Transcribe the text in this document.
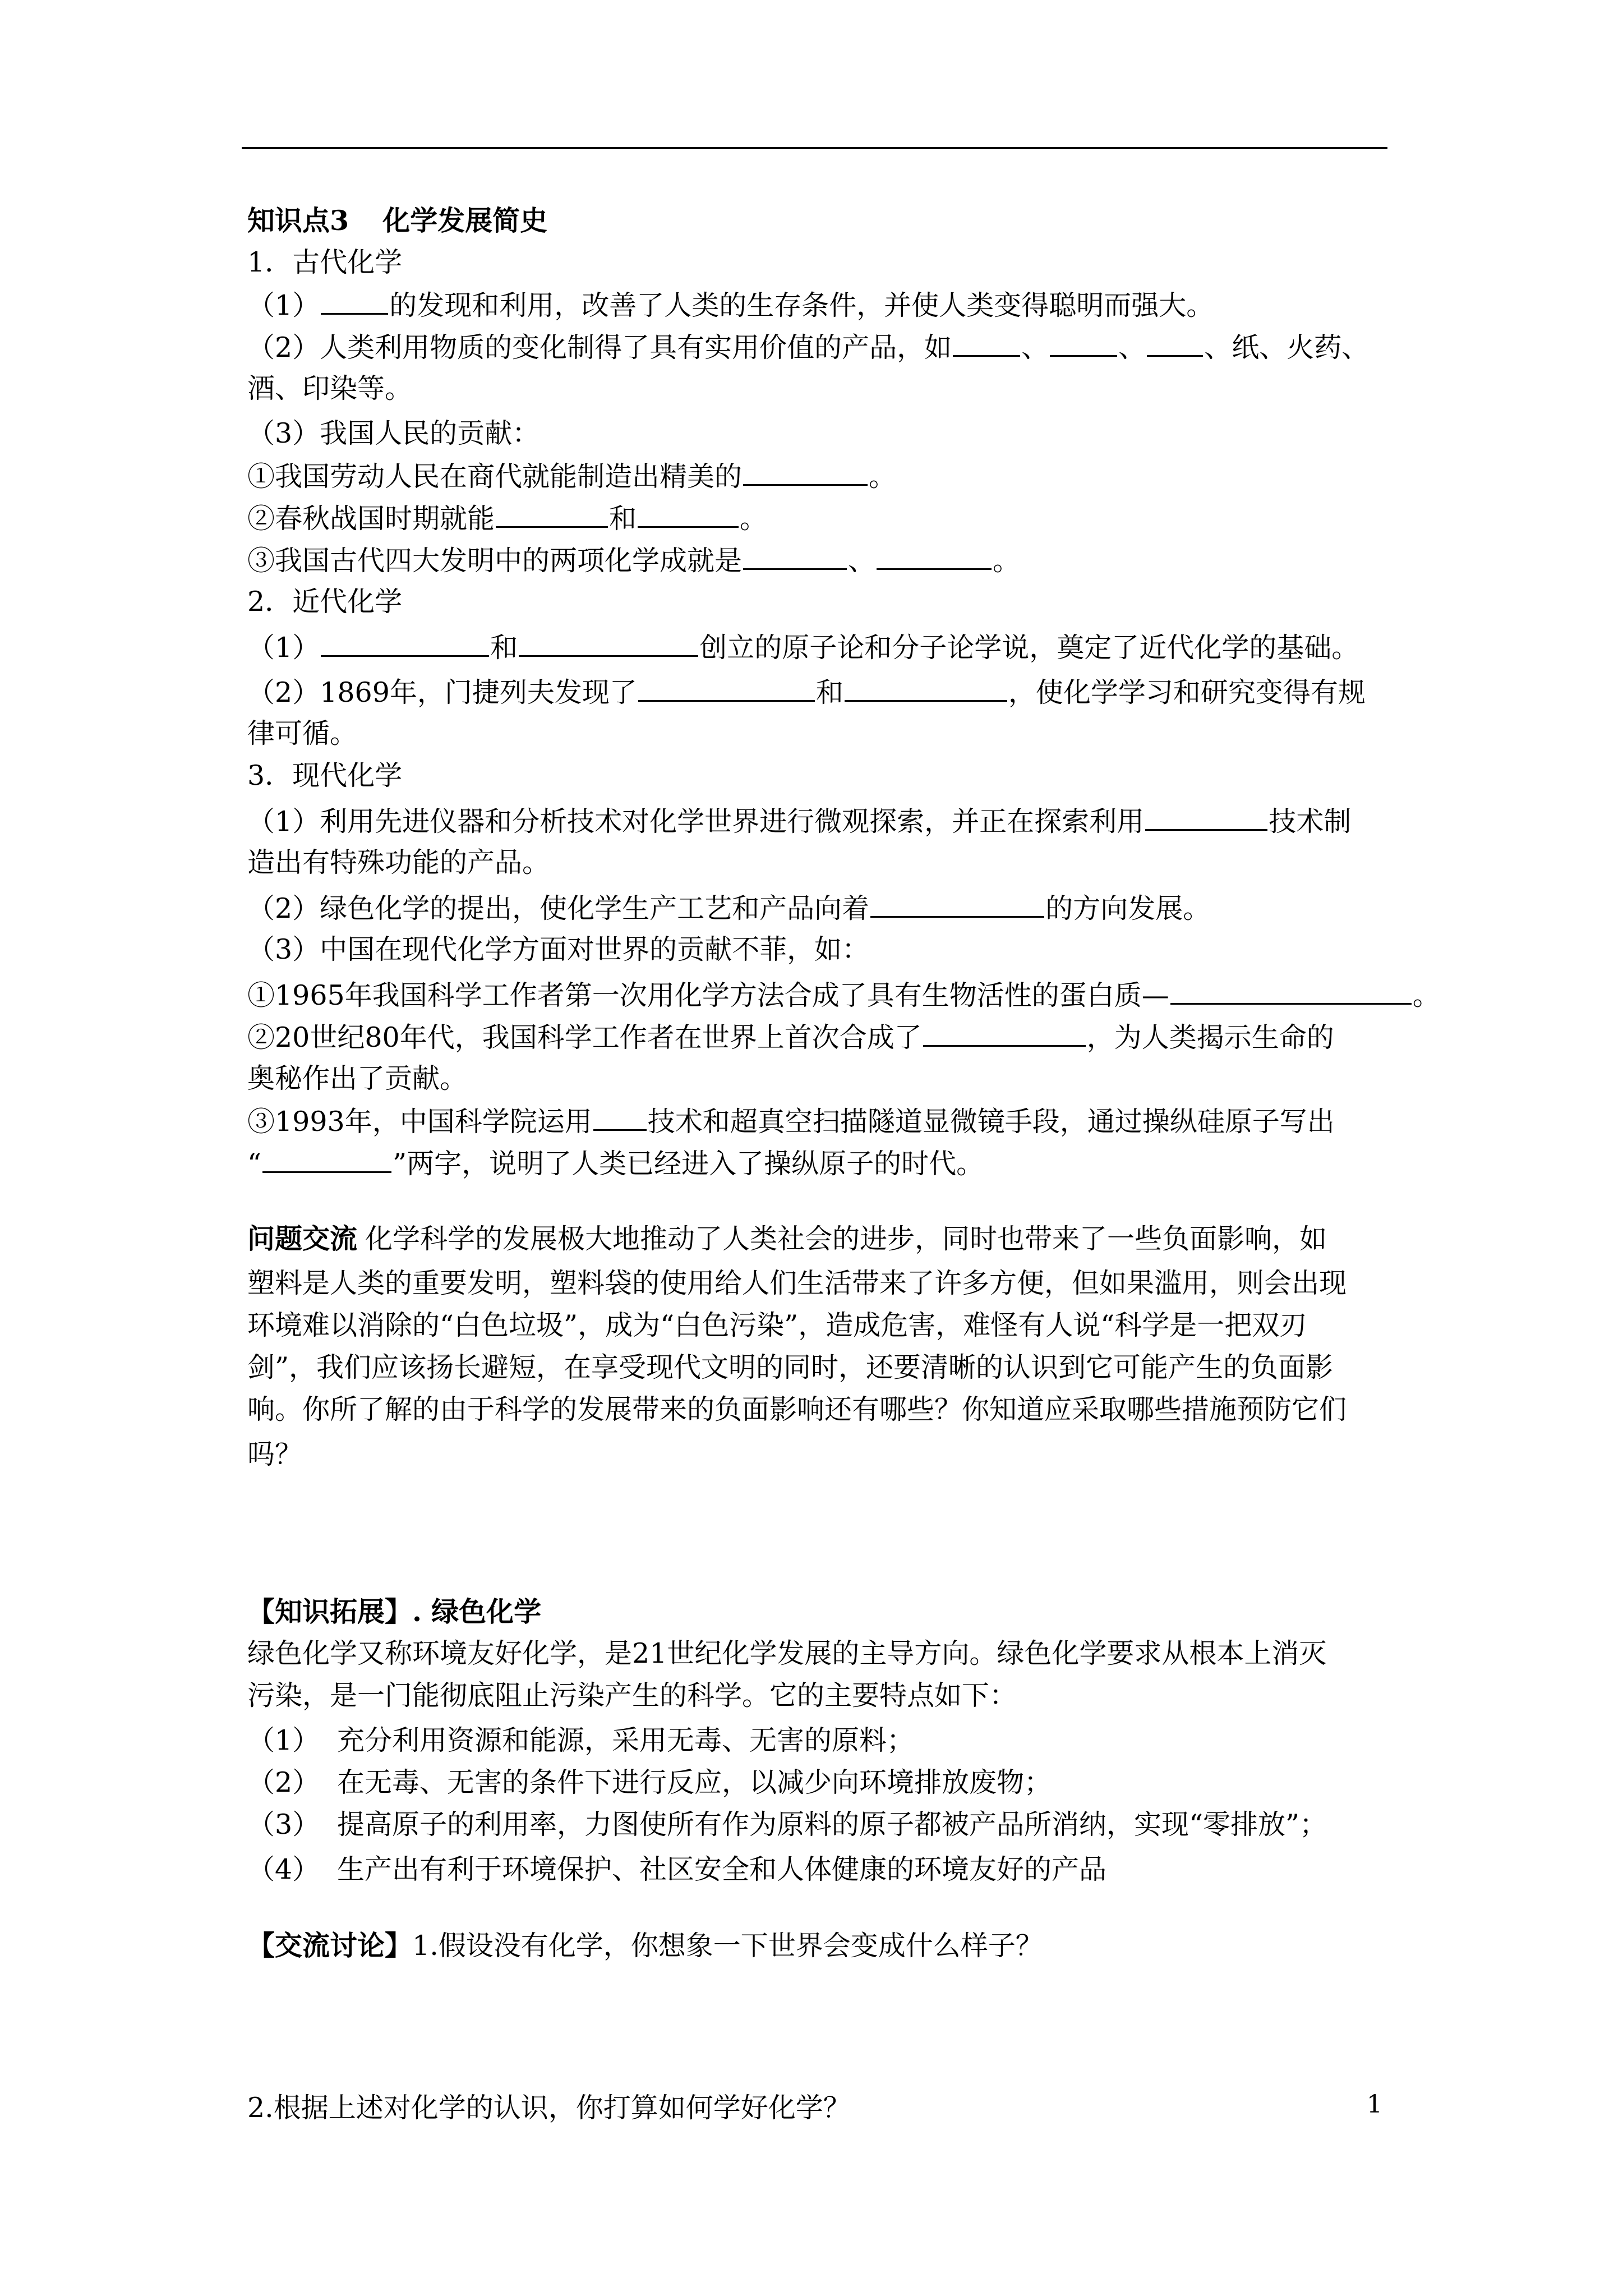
知识点3 化学发展简史
1．古代化学
（1）	的发现和利用，改善了人类的生存条件，并使人类变得聪明而强大。
（2）人类利用物质的变化制得了具有实用价值的产品，如	、	、 、纸、火药、
酒、印染等。
（3）我国人民的贡献：
①我国劳动人民在商代就能制造出精美的	。
②春秋战国时期就能	和	。
③我国古代四大发明中的两项化学成就是	、	。
2．近代化学
（1）	和	创立的原子论和分子论学说，奠定了近代化学的基础。
（2）1869年，门捷列夫发现了	和	，使化学学习和研究变得有规
律可循。
3．现代化学
（1）利用先进仪器和分析技术对化学世界进行微观探索，并正在探索利用	技术制
造出有特殊功能的产品。
（2）绿色化学的提出，使化学生产工艺和产品向着	的方向发展。
（3）中国在现代化学方面对世界的贡献不菲，如：
①1965年我国科学工作者第一次用化学方法合成了具有生物活性的蛋白质—	。
②20世纪80年代，我国科学工作者在世界上首次合成了	，为人类揭示生命的
奥秘作出了贡献。
③1993年，中国科学院运用 技术和超真空扫描隧道显微镜手段，通过操纵硅原子写出
“	”两字，说明了人类已经进入了操纵原子的时代。
问题交流 化学科学的发展极大地推动了人类社会的进步，同时也带来了一些负面影响，如
塑料是人类的重要发明，塑料袋的使用给人们生活带来了许多方便，但如果滥用，则会出现
环境难以消除的“白色垃圾”，成为“白色污染”，造成危害，难怪有人说“科学是一把双刃
剑”，我们应该扬长避短，在享受现代文明的同时，还要清晰的认识到它可能产生的负面影
响。你所了解的由于科学的发展带来的负面影响还有哪些？你知道应采取哪些措施预防它们
吗？
【知识拓展】. 绿色化学
绿色化学又称环境友好化学，是21世纪化学发展的主导方向。绿色化学要求从根本上消灭
污染，是一门能彻底阻止污染产生的科学。它的主要特点如下：
（1） 充分利用资源和能源，采用无毒、无害的原料；
（2） 在无毒、无害的条件下进行反应，以减少向环境排放废物；
（3） 提高原子的利用率，力图使所有作为原料的原子都被产品所消纳，实现“零排放”；
（4） 生产出有利于环境保护、社区安全和人体健康的环境友好的产品
【交流讨论】1.假设没有化学，你想象一下世界会变成什么样子？
2.根据上述对化学的认识，你打算如何学好化学？	1
